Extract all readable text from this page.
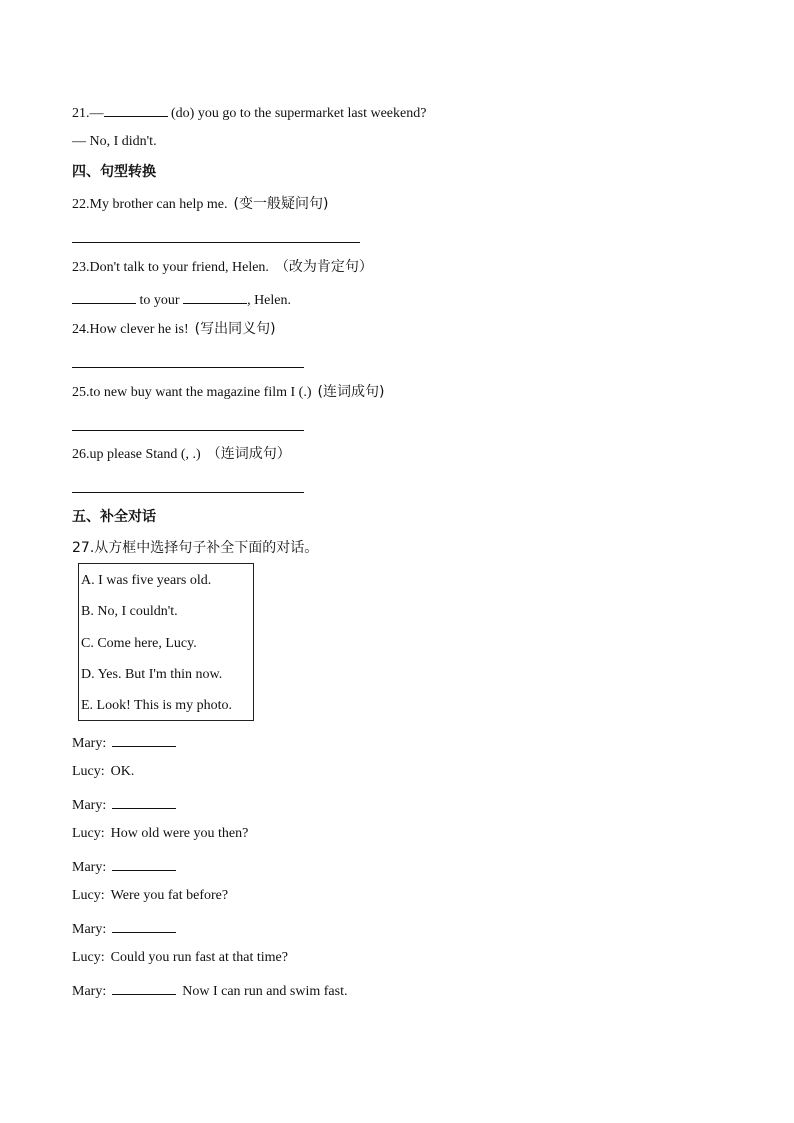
21.—	(do) you go to the supermarket last weekend?
— No, I didn't.
四、句型转换
22.My brother can help me. (变一般疑问句)
23.Don't talk to your friend, Helen. （改为肯定句）
to your	, Helen.
24.How clever he is! (写出同义句)
25.to new buy want the magazine film I (.) (连词成句)
26.up please Stand (, .) （连词成句）
五、补全对话
27.从方框中选择句子补全下面的对话。
A. I was five years old.
B. No, I couldn't.
C. Come here, Lucy.
D. Yes. But I'm thin now.
E. Look! This is my photo.
Mary:
Lucy: OK.
Mary:
Lucy: How old were you then?
Mary:
Lucy: Were you fat before?
Mary:
Lucy: Could you run fast at that time?
Mary:	Now I can run and swim fast.
